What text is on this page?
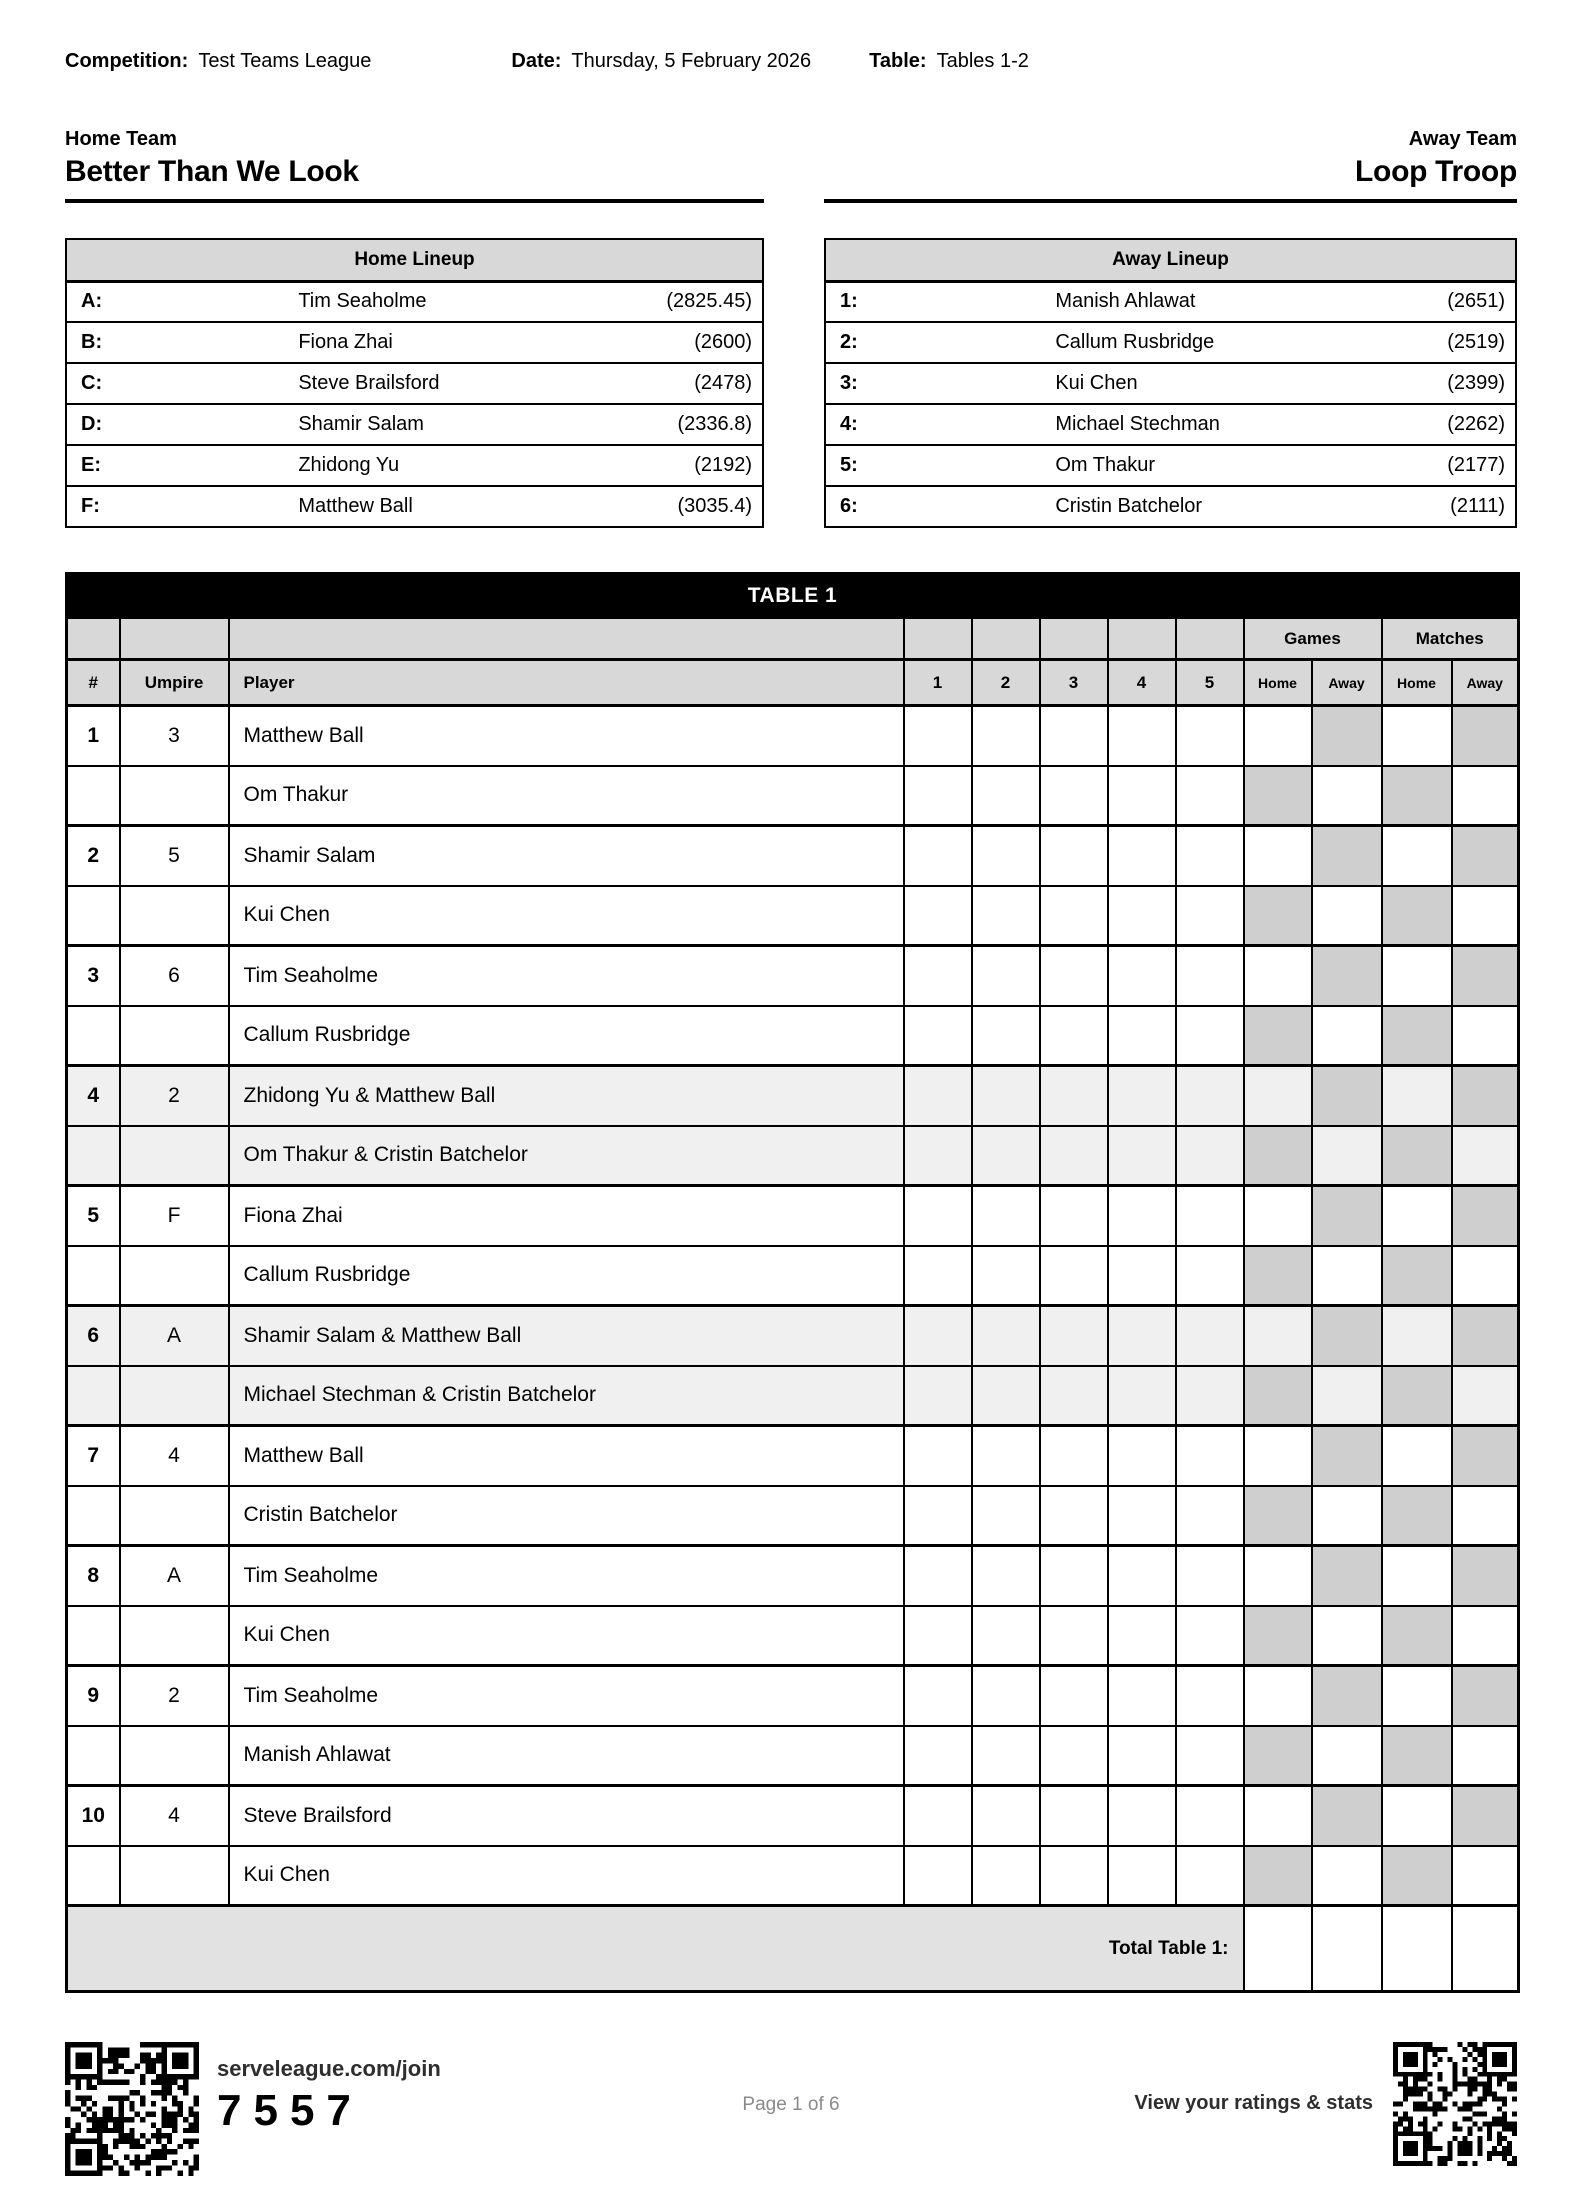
Competition: Test Teams League	Date: Thursday, 5 February 2026	Table: Tables 1-2
Home Team
Better Than We Look
Away Team
Loop Troop
Home Lineup		
A:	Tim Seaholme	(2825.45)
B:	Fiona Zhai	(2600)
C:	Steve Brailsford	(2478)
D:	Shamir Salam	(2336.8)
E:	Zhidong Yu	(2192)
F:	Matthew Ball	(3035.4)
Away Lineup		
1:	Manish Ahlawat	(2651)
2:	Callum Rusbridge	(2519)
3:	Kui Chen	(2399)
4:	Michael Stechman	(2262)
5:	Om Thakur	(2177)
6:	Cristin Batchelor	(2111)
TABLE 1											
								Games		Matches	
#	Umpire	Player	1	2	3	4	5	Home	Away	Home	Away
1	3	Matthew Ball									
		Om Thakur									
2	5	Shamir Salam									
		Kui Chen									
3	6	Tim Seaholme									
		Callum Rusbridge									
4	2	Zhidong Yu & Matthew Ball									
		Om Thakur & Cristin Batchelor									
5	F	Fiona Zhai									
		Callum Rusbridge									
6	A	Shamir Salam & Matthew Ball									
		Michael Stechman & Cristin Batchelor									
7	4	Matthew Ball									
		Cristin Batchelor									
8	A	Tim Seaholme									
		Kui Chen									
9	2	Tim Seaholme									
		Manish Ahlawat									
10	4	Steve Brailsford									
		Kui Chen									
Total Table 1:											
serveleague.com/join
7557	Page 1 of 6	View your ratings & stats
